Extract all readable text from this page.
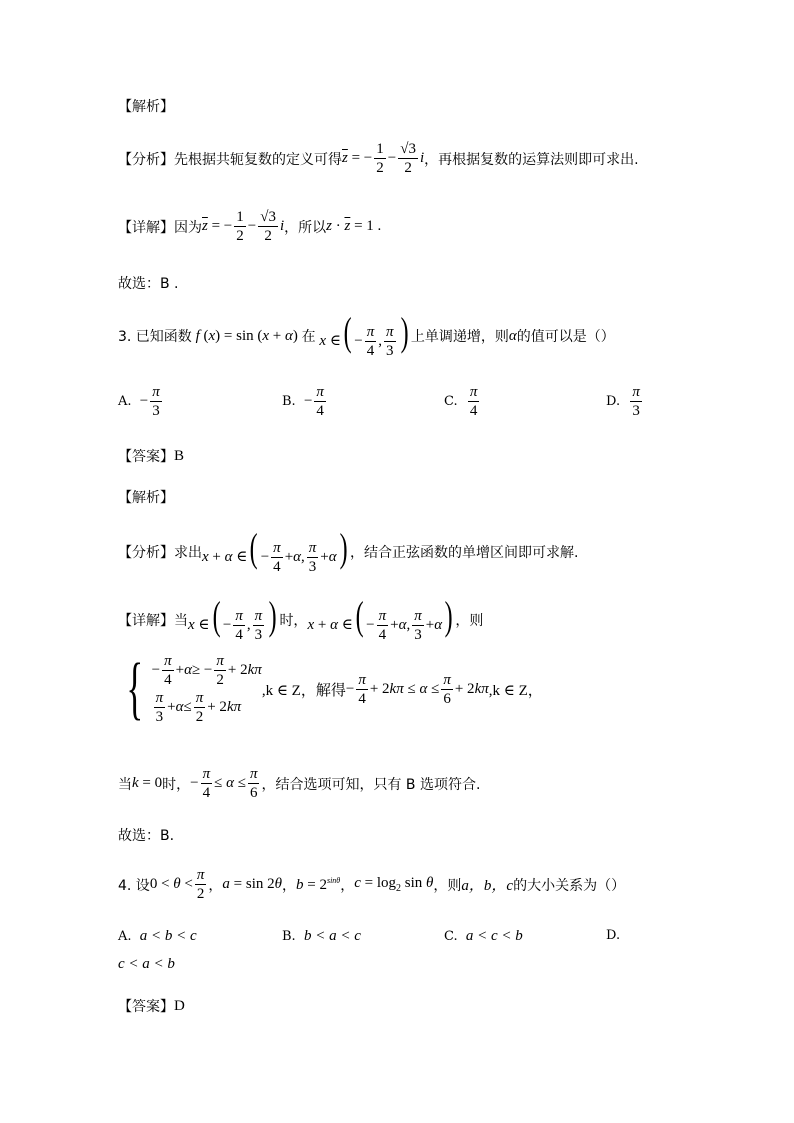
【解析】
【分析】 先根据共轭复数的定义可得 $\overline{z}$ = − $\frac{1}{2} - \frac{√3}{2}$ i ，再根据复数的运算法则即可求出.
【详解】 因为 $\overline{z}$ = − $\frac{1}{2} - \frac{√3}{2}$ i ，所以 $z \cdot \overline{z} = 1$ .
故选：B .
3. 已知函数 f (x) = sin (x + α) 在 x ∈( − $\frac{\pi}{4}$ , $\frac{\pi}{3}$ ) 上单调递增，则 α 的值可以是（）
A.
− $\frac{\pi}{3}$	B.
− $\frac{\pi}{4}$	C.
$\frac{\pi}{4}$	D.
$\frac{\pi}{3}$
【答案】 B
【解析】
【分析】 求出 x + α ∈( − $\frac{\pi}{4} +\alpha$, $\frac{\pi}{3} +\alpha$) ，结合正弦函数的单增区间即可求解.
【详解】 当 x ∈( − $\frac{\pi}{4}$ , $\frac{\pi}{3}$ ) 时， x + α ∈( − $\frac{\pi}{4} +\alpha$, $\frac{\pi}{3} +\alpha$) ，则
{ − $\frac{\pi}{4} + \alpha$ ≥ − $\frac{\pi}{2} + 2$ kπ
$\frac{\pi}{3} + \alpha \le \frac{\pi}{2} + 2$ kπ
,k ∈ Z，解得 − $\frac{\pi}{4} + 2k\pi \le \alpha \le \frac{\pi}{6} + 2k\pi$ ,k ∈ Z，
当 k = 0 时， − $\frac{\pi}{4} \le \alpha \le \frac{\pi}{6}$ ，结合选项可知，只有 B 选项符合.
故选：B.
4. 设 $0 < \theta < \frac{\pi}{2}$ ， a = sin 2θ ， $b = 2^{sin\theta}$ ， $c = \log_2 \sin \theta$ ，则 a，b，c 的大小关系为（）
A.
a < b < c	B.
b < a < c	C.
a < c < b	D.
c < a < b
【答案】 D
